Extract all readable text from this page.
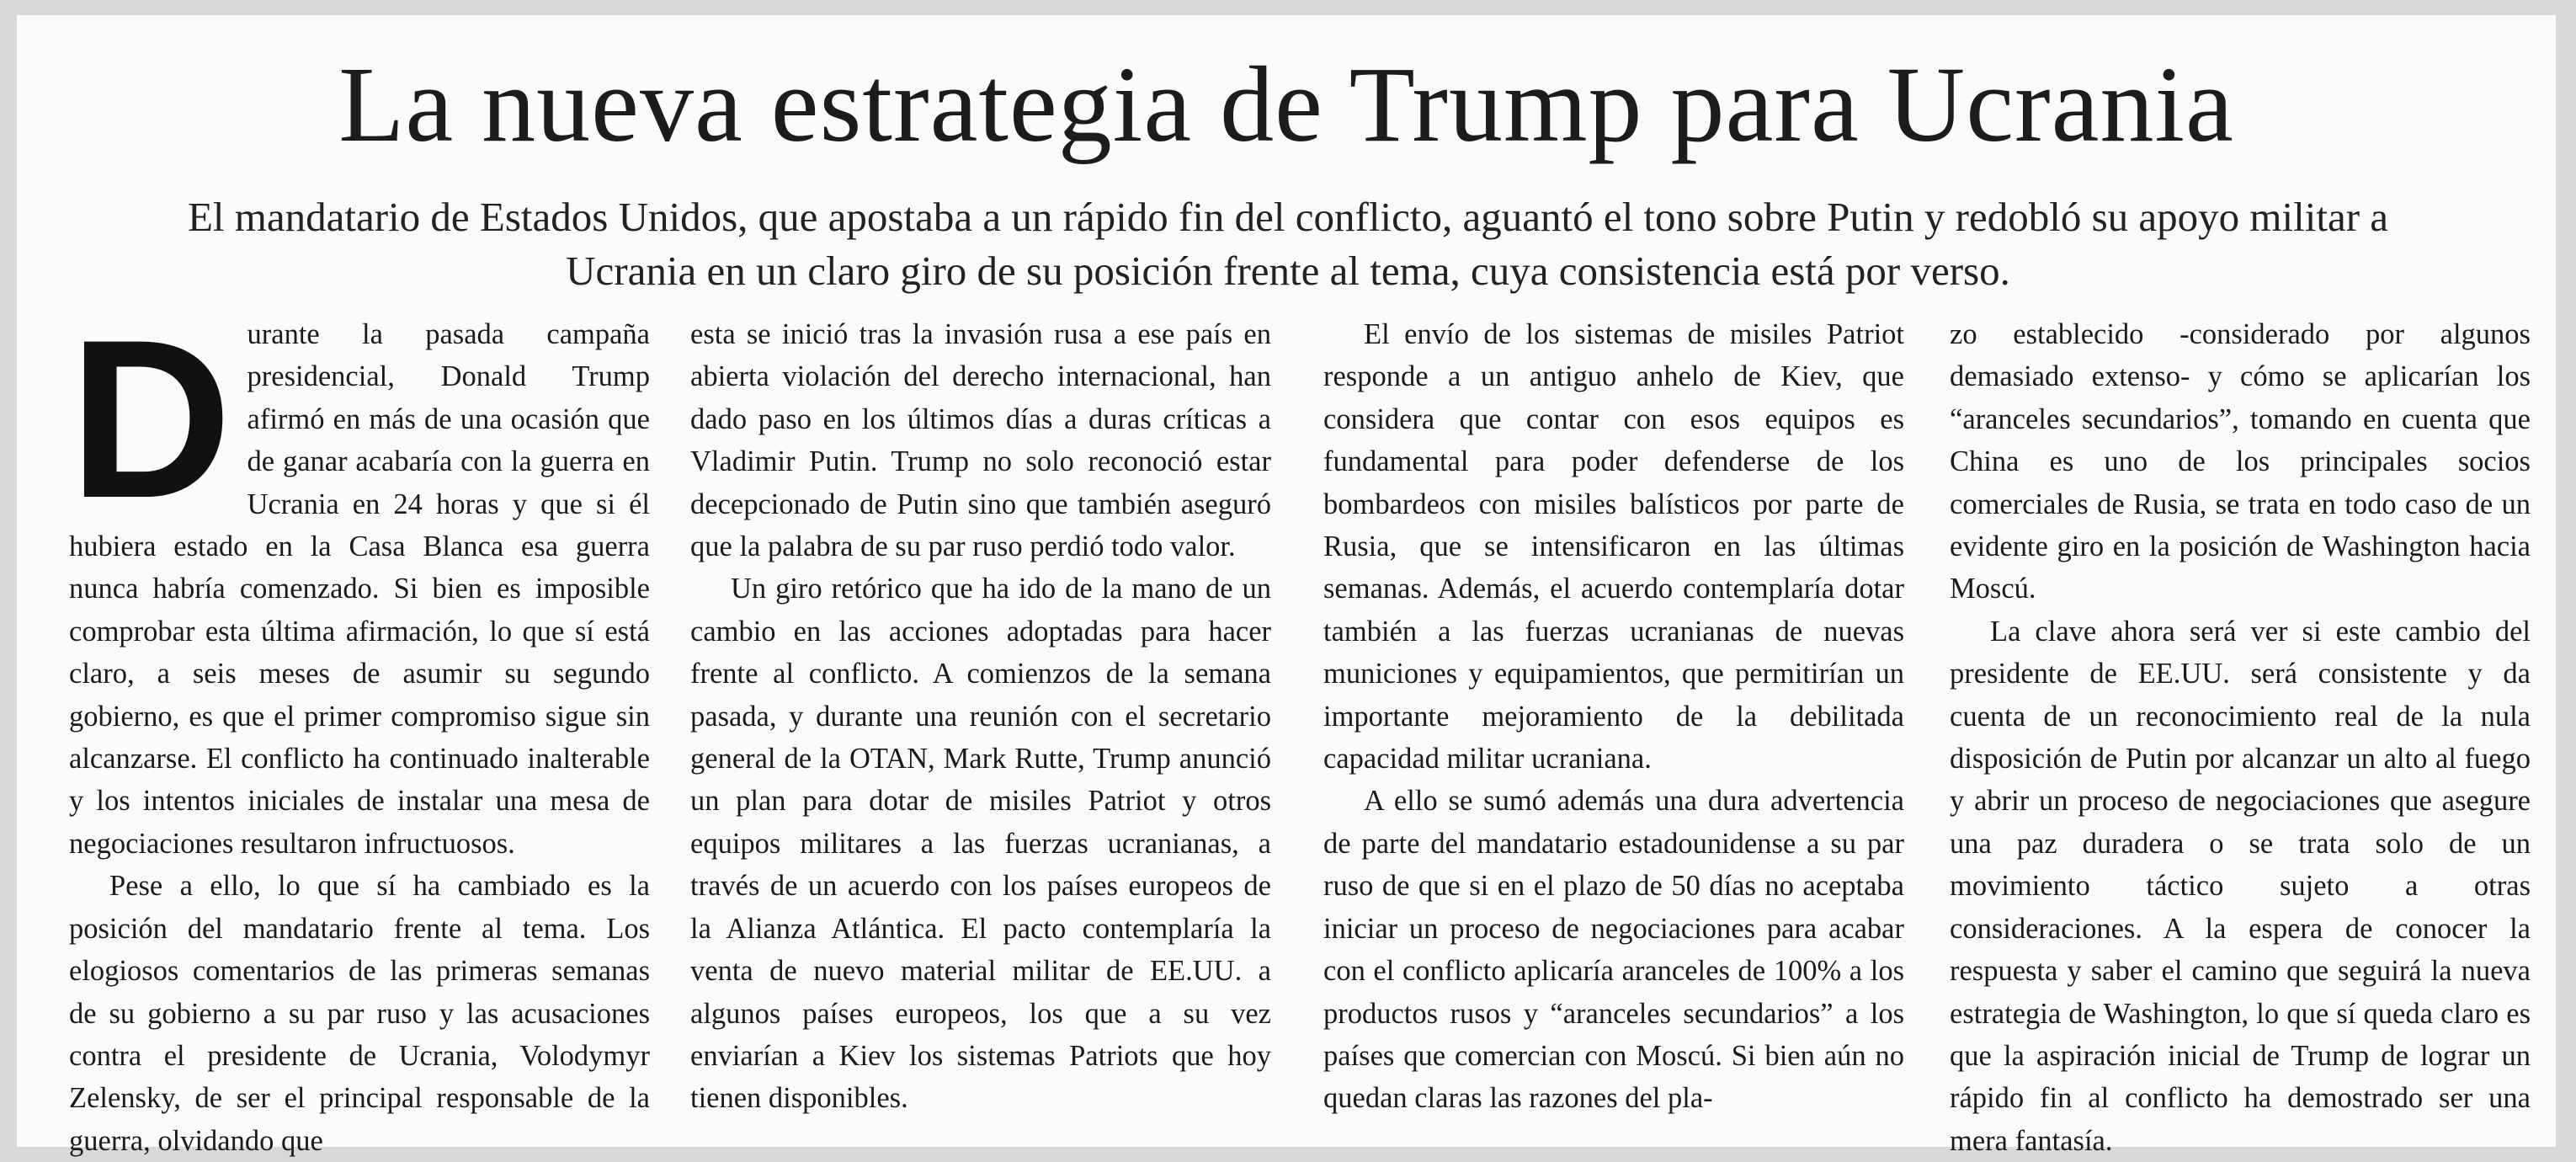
La nueva estrategia de Trump para Ucrania

El mandatario de Estados Unidos, que apostaba a un rápido fin del conflicto, aguantó el tono sobre Putin y redobló su apoyo militar a Ucrania en un claro giro de su posición frente al tema, cuya consistencia está por verso.

D urante la pasada campaña presidencial, Donald Trump afirmó en más de una ocasión que de ganar acabaría con la guerra en Ucrania en 24 horas y que si él hubiera estado en la Casa Blanca esa guerra nunca habría comenzado. Si bien es imposible comprobar esta última afirmación, lo que sí está claro, a seis meses de asumir su segundo gobierno, es que el primer compromiso sigue sin alcanzarse. El conflicto ha continuado inalterable y los intentos iniciales de instalar una mesa de negociaciones resultaron infructuosos.

Pese a ello, lo que sí ha cambiado es la posición del mandatario frente al tema. Los elogiosos comentarios de las primeras semanas de su gobierno a su par ruso y las acusaciones contra el presidente de Ucrania, Volodymyr Zelensky, de ser el principal responsable de la guerra, olvidando que

esta se inició tras la invasión rusa a ese país en abierta violación del derecho internacional, han dado paso en los últimos días a duras críticas a Vladimir Putin. Trump no solo reconoció estar decepcionado de Putin sino que también aseguró que la palabra de su par ruso perdió todo valor.

Un giro retórico que ha ido de la mano de un cambio en las acciones adoptadas para hacer frente al conflicto. A comienzos de la semana pasada, y durante una reunión con el secretario general de la OTAN, Mark Rutte, Trump anunció un plan para dotar de misiles Patriot y otros equipos militares a las fuerzas ucranianas, a través de un acuerdo con los países europeos de la Alianza Atlántica. El pacto contemplaría la venta de nuevo material militar de EE.UU. a algunos países europeos, los que a su vez enviarían a Kiev los sistemas Patriots que hoy tienen disponibles.

El envío de los sistemas de misiles Patriot responde a un antiguo anhelo de Kiev, que considera que contar con esos equipos es fundamental para poder defenderse de los bombardeos con misiles balísticos por parte de Rusia, que se intensificaron en las últimas semanas. Además, el acuerdo contemplaría dotar también a las fuerzas ucranianas de nuevas municiones y equipamientos, que permitirían un importante mejoramiento de la debilitada capacidad militar ucraniana.

A ello se sumó además una dura advertencia de parte del mandatario estadounidense a su par ruso de que si en el plazo de 50 días no aceptaba iniciar un proceso de negociaciones para acabar con el conflicto aplicaría aranceles de 100% a los productos rusos y “aranceles secundarios” a los países que comercian con Moscú. Si bien aún no quedan claras las razones del pla-

zo establecido -considerado por algunos demasiado extenso- y cómo se aplicarían los “aranceles secundarios”, tomando en cuenta que China es uno de los principales socios comerciales de Rusia, se trata en todo caso de un evidente giro en la posición de Washington hacia Moscú.

La clave ahora será ver si este cambio del presidente de EE.UU. será consistente y da cuenta de un reconocimiento real de la nula disposición de Putin por alcanzar un alto al fuego y abrir un proceso de negociaciones que asegure una paz duradera o se trata solo de un movimiento táctico sujeto a otras consideraciones. A la espera de conocer la respuesta y saber el camino que seguirá la nueva estrategia de Washington, lo que sí queda claro es que la aspiración inicial de Trump de lograr un rápido fin al conflicto ha demostrado ser una mera fantasía.
